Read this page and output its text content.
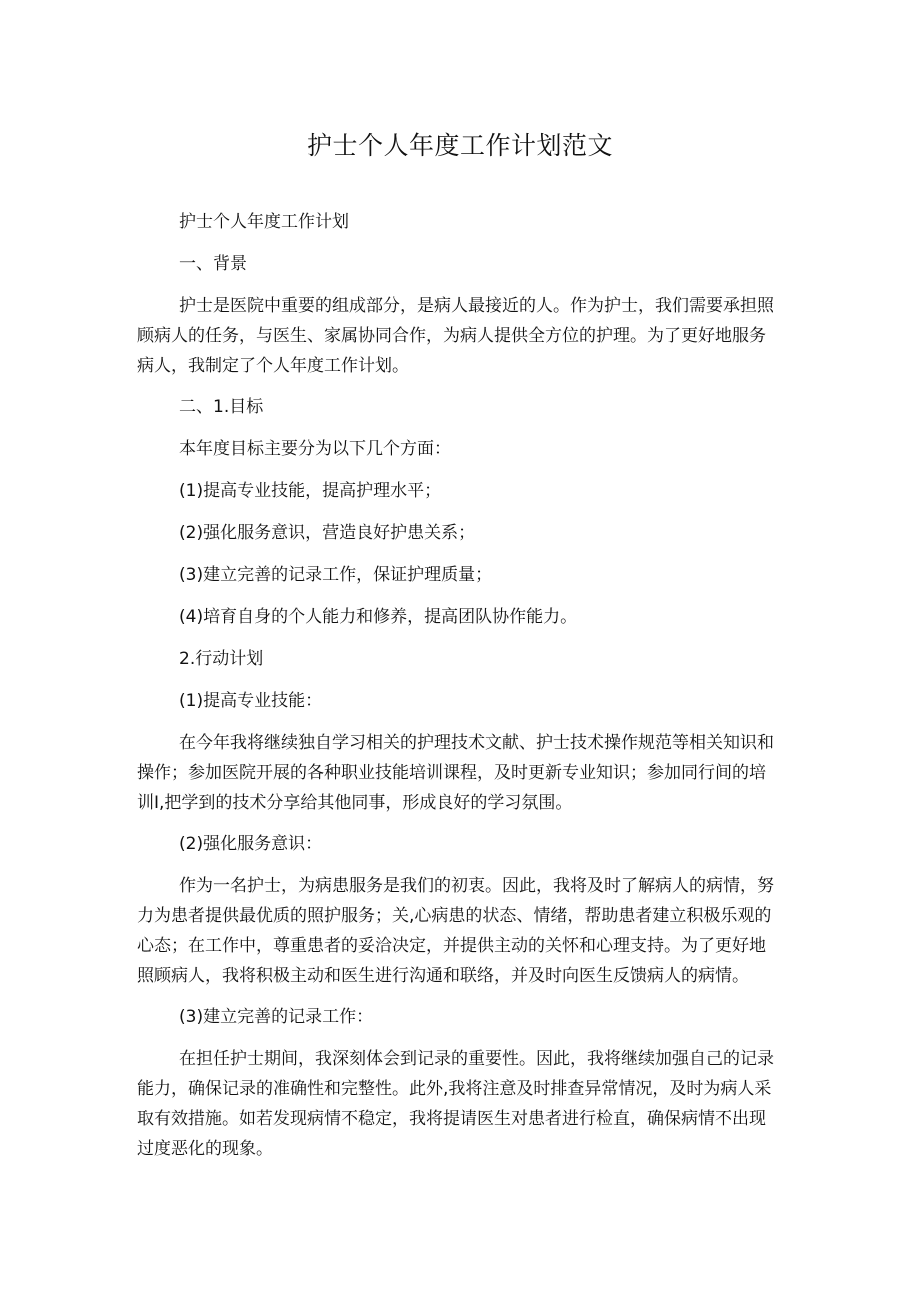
护士个人年度工作计划范文

护士个人年度工作计划

一、背景

护士是医院中重要的组成部分，是病人最接近的人。作为护士，我们需要承担照顾病人的任务，与医生、家属协同合作，为病人提供全方位的护理。为了更好地服务病人，我制定了个人年度工作计划。

二、1.目标

本年度目标主要分为以下几个方面：

(1)提高专业技能，提高护理水平；

(2)强化服务意识，营造良好护患关系；

(3)建立完善的记录工作，保证护理质量；

(4)培育自身的个人能力和修养，提高团队协作能力。

2.行动计划

(1)提高专业技能：

在今年我将继续独自学习相关的护理技术文献、护士技术操作规范等相关知识和操作；参加医院开展的各种职业技能培训课程，及时更新专业知识；参加同行间的培训Ⅰ,把学到的技术分享给其他同事，形成良好的学习氛围。

(2)强化服务意识：

作为一名护士，为病患服务是我们的初衷。因此，我将及时了解病人的病情，努力为患者提供最优质的照护服务；关,心病患的状态、情绪，帮助患者建立积极乐观的心态；在工作中，尊重患者的妥洽决定，并提供主动的关怀和心理支持。为了更好地照顾病人，我将积极主动和医生进行沟通和联络，并及时向医生反馈病人的病情。

(3)建立完善的记录工作：

在担任护士期间，我深刻体会到记录的重要性。因此，我将继续加强自己的记录能力，确保记录的准确性和完整性。此外,我将注意及时排查异常情况，及时为病人采取有效措施。如若发现病情不稳定，我将提请医生对患者进行检直，确保病情不出现过度恶化的现象。
